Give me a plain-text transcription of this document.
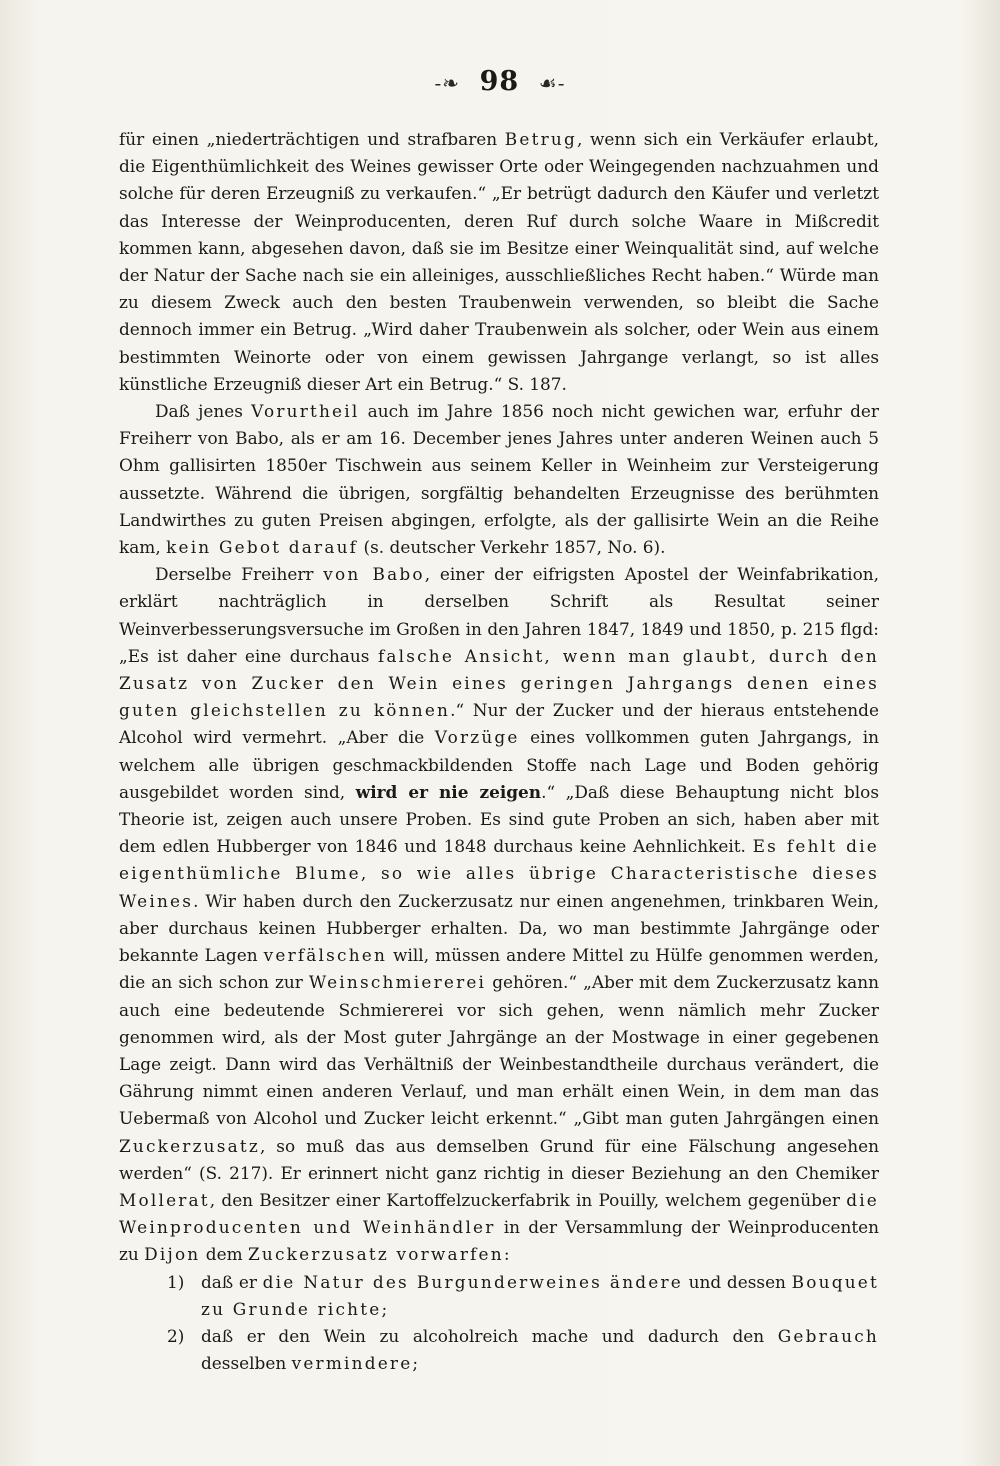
-❧ 98 ☙-

für einen „niederträchtigen und strafbaren Betrug, wenn sich ein Verkäufer erlaubt, die Eigenthümlichkeit des Weines gewisser Orte oder Weingegenden nachzuahmen und solche für deren Erzeugniß zu verkaufen.“ „Er betrügt dadurch den Käufer und verletzt das Interesse der Weinproducenten, deren Ruf durch solche Waare in Mißcredit kommen kann, abgesehen davon, daß sie im Besitze einer Weinqualität sind, auf welche der Natur der Sache nach sie ein alleiniges, ausschließliches Recht haben.“ Würde man zu diesem Zweck auch den besten Traubenwein verwenden, so bleibt die Sache dennoch immer ein Betrug. „Wird daher Traubenwein als solcher, oder Wein aus einem bestimmten Weinorte oder von einem gewissen Jahrgange verlangt, so ist alles künstliche Erzeugniß dieser Art ein Betrug.“ S. 187.

Daß jenes Vorurtheil auch im Jahre 1856 noch nicht gewichen war, erfuhr der Freiherr von Babo, als er am 16. December jenes Jahres unter anderen Weinen auch 5 Ohm gallisirten 1850er Tischwein aus seinem Keller in Weinheim zur Versteigerung aussetzte. Während die übrigen, sorgfältig behandelten Erzeugnisse des berühmten Landwirthes zu guten Preisen abgingen, erfolgte, als der gallisirte Wein an die Reihe kam, kein Gebot darauf (s. deutscher Verkehr 1857, No. 6).

Derselbe Freiherr von Babo, einer der eifrigsten Apostel der Weinfabrikation, erklärt nachträglich in derselben Schrift als Resultat seiner Weinverbesserungsversuche im Großen in den Jahren 1847, 1849 und 1850, p. 215 flgd: „Es ist daher eine durchaus falsche Ansicht, wenn man glaubt, durch den Zusatz von Zucker den Wein eines geringen Jahrgangs denen eines guten gleichstellen zu können.“ Nur der Zucker und der hieraus entstehende Alcohol wird vermehrt. „Aber die Vorzüge eines vollkommen guten Jahrgangs, in welchem alle übrigen geschmackbildenden Stoffe nach Lage und Boden gehörig ausgebildet worden sind, wird er nie zeigen.“ „Daß diese Behauptung nicht blos Theorie ist, zeigen auch unsere Proben. Es sind gute Proben an sich, haben aber mit dem edlen Hubberger von 1846 und 1848 durchaus keine Aehnlichkeit. Es fehlt die eigenthümliche Blume, so wie alles übrige Characteristische dieses Weines. Wir haben durch den Zuckerzusatz nur einen angenehmen, trinkbaren Wein, aber durchaus keinen Hubberger erhalten. Da, wo man bestimmte Jahrgänge oder bekannte Lagen verfälschen will, müssen andere Mittel zu Hülfe genommen werden, die an sich schon zur Weinschmiererei gehören.“ „Aber mit dem Zuckerzusatz kann auch eine bedeutende Schmiererei vor sich gehen, wenn nämlich mehr Zucker genommen wird, als der Most guter Jahrgänge an der Mostwage in einer gegebenen Lage zeigt. Dann wird das Verhältniß der Weinbestandtheile durchaus verändert, die Gährung nimmt einen anderen Verlauf, und man erhält einen Wein, in dem man das Uebermaß von Alcohol und Zucker leicht erkennt.“ „Gibt man guten Jahrgängen einen Zuckerzusatz, so muß das aus demselben Grund für eine Fälschung angesehen werden“ (S. 217). Er erinnert nicht ganz richtig in dieser Beziehung an den Chemiker Mollerat, den Besitzer einer Kartoffelzuckerfabrik in Pouilly, welchem gegenüber die Weinproducenten und Weinhändler in der Versammlung der Weinproducenten zu Dijon dem Zuckerzusatz vorwarfen:

1) daß er die Natur des Burgunderweines ändere und dessen Bouquet zu Grunde richte;
2) daß er den Wein zu alcoholreich mache und dadurch den Gebrauch desselben vermindere;
